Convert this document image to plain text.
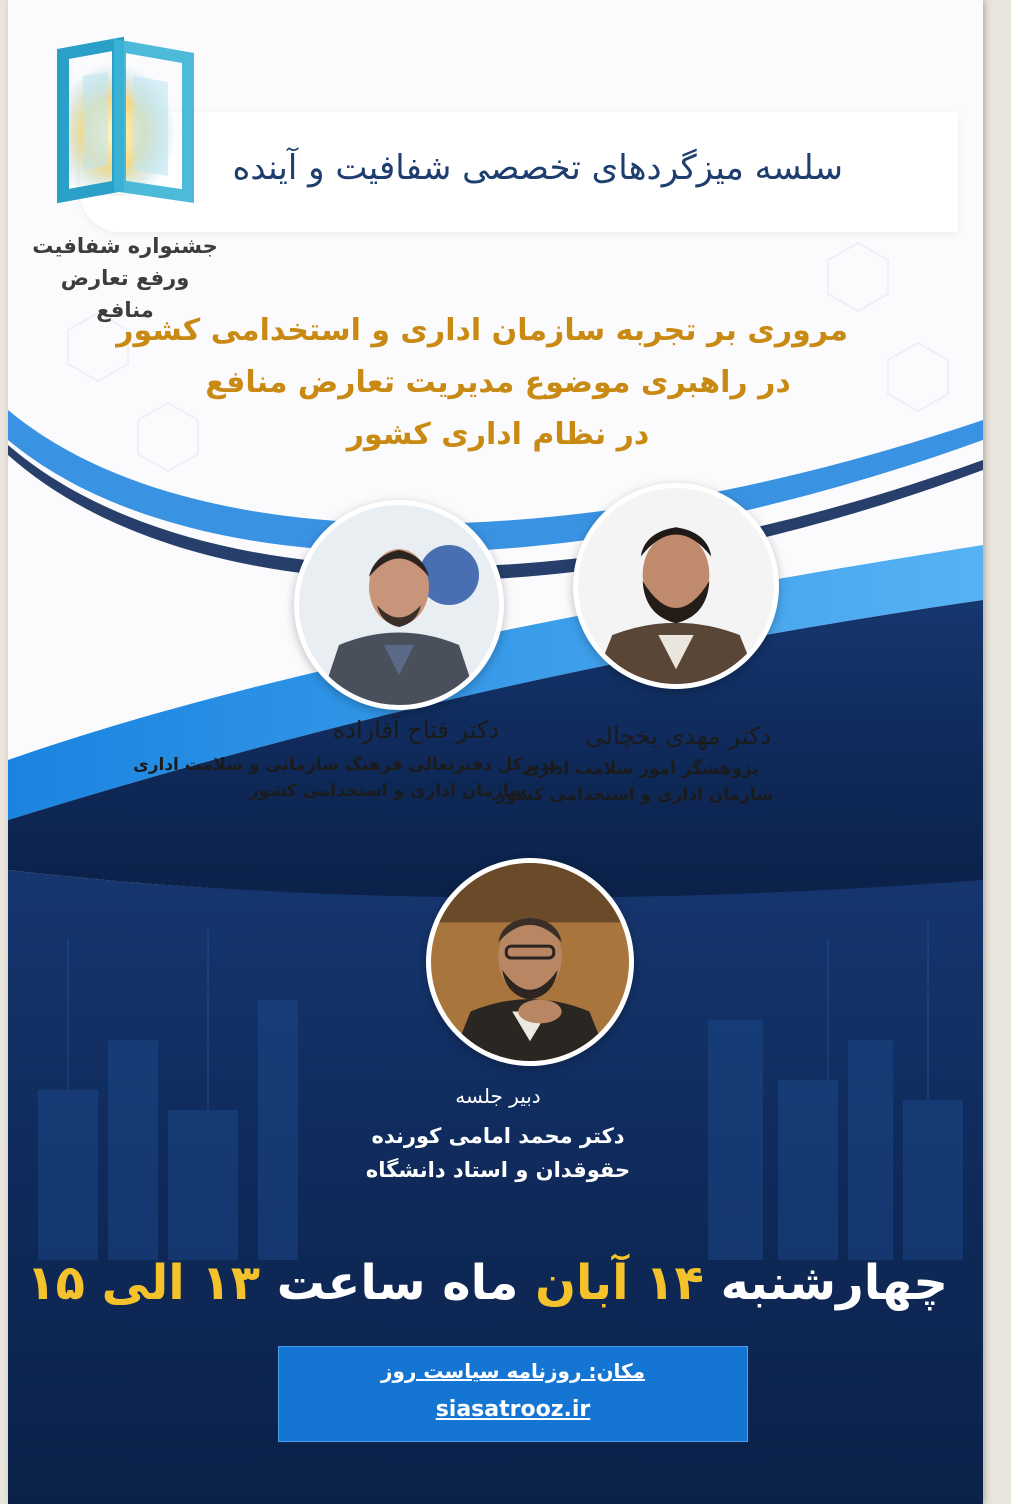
سلسه میزگردهای تخصصی شفافیت و آینده
جشنواره شفافیت
ورفع تعارض منافع
مروری بر تجربه سازمان اداری و استخدامی کشور
در راهبری موضوع مدیریت تعارض منافع
در نظام اداری کشور
دکتر فتاح آقازاده
مدیرکل دفترتعالی فرهنگ سازمانی و سلامت اداری
سازمان اداری و استخدامی کشور
دکتر مهدی یخچالی
پژوهشگر امور سلامت اداری
سازمان اداری و استخدامی کشور
دبیر جلسه
دکتر محمد امامی کورنده
حقوقدان و استاد دانشگاه
چهارشنبه ۱۴ آبان ماه ساعت ۱۳ الی ۱۵
مکان: روزنامه سیاست روز
siasatrooz.ir
